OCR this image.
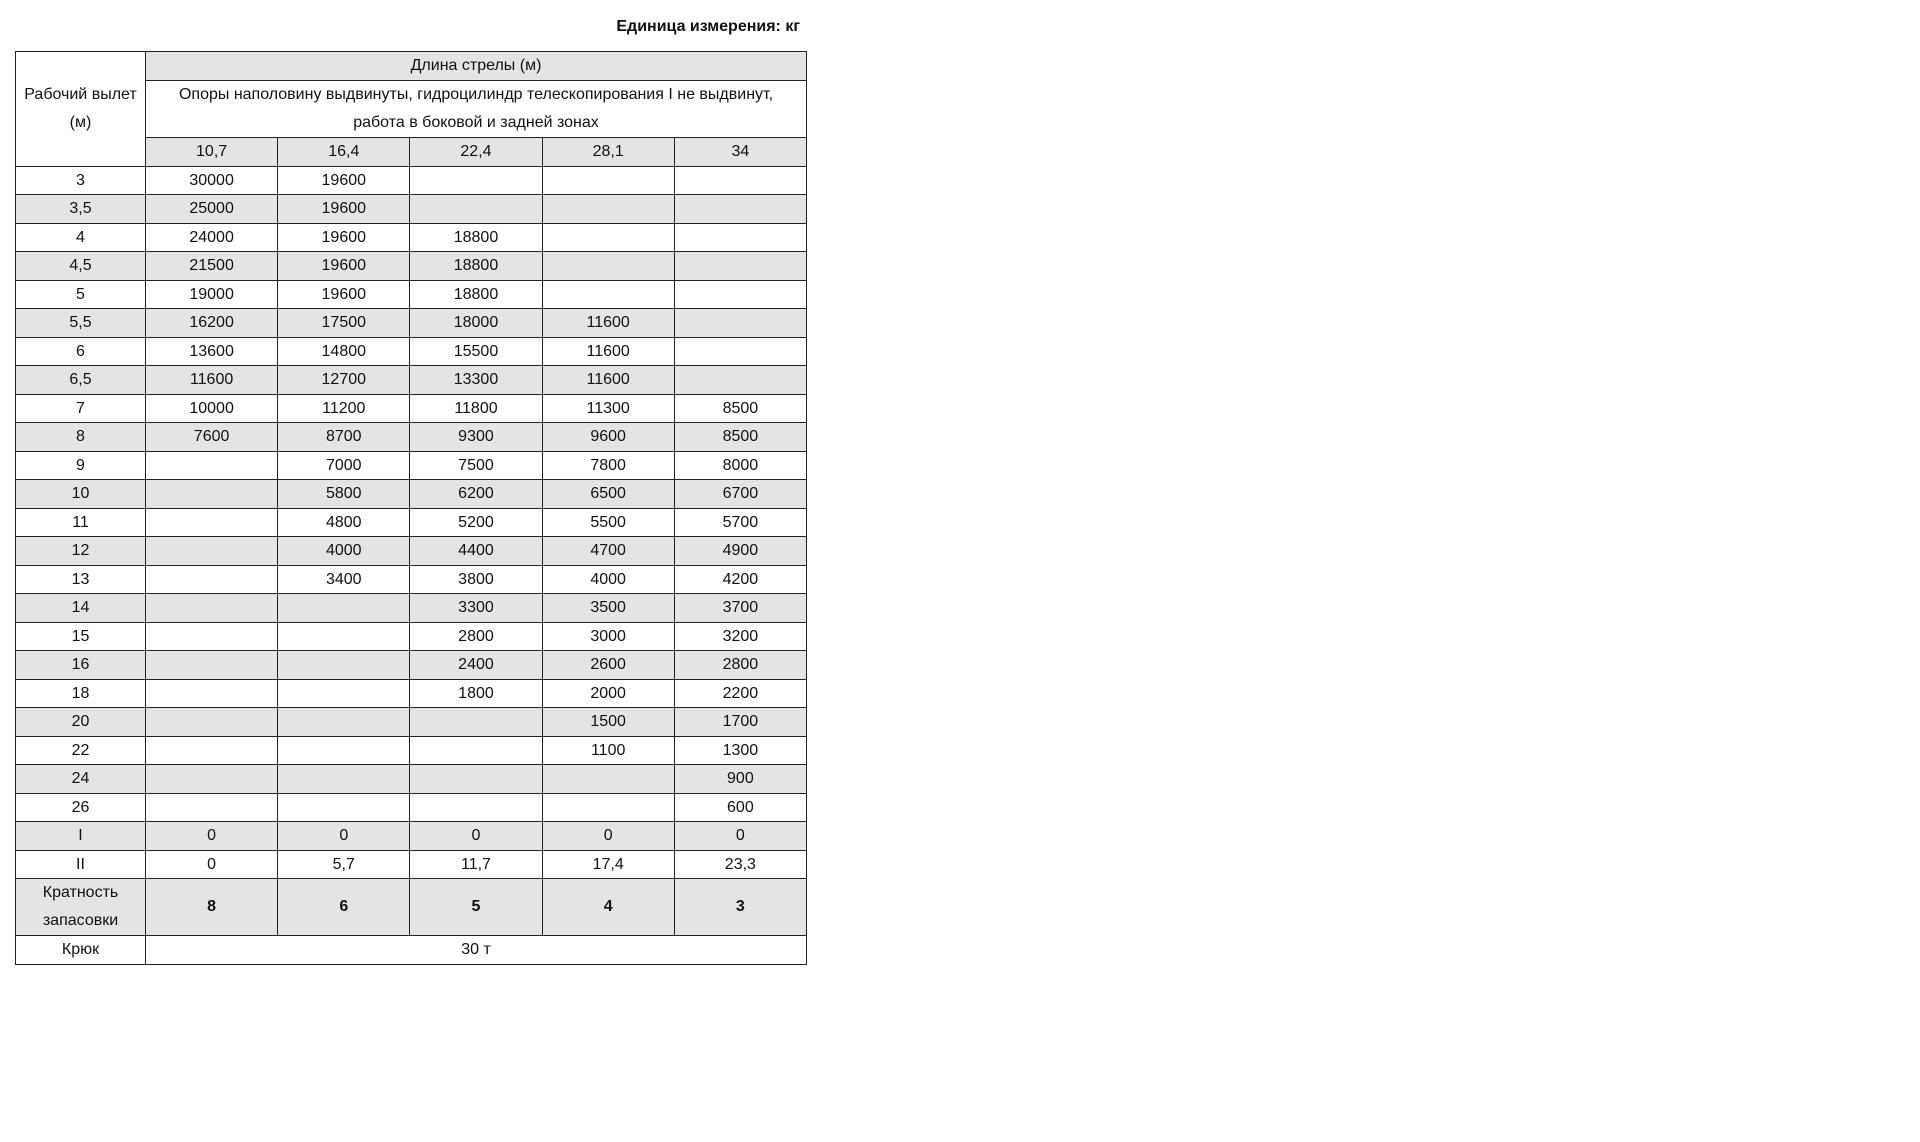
Единица измерения: кг
Рабочий вылет (м)	Длина стрелы (м)				
	Опоры наполовину выдвинуты, гидроцилиндр телескопирования I не выдвинут, работа в боковой и задней зонах				
	10,7	16,4	22,4	28,1	34
3	30000	19600			
3,5	25000	19600			
4	24000	19600	18800		
4,5	21500	19600	18800		
5	19000	19600	18800		
5,5	16200	17500	18000	11600	
6	13600	14800	15500	11600	
6,5	11600	12700	13300	11600	
7	10000	11200	11800	11300	8500
8	7600	8700	9300	9600	8500
9		7000	7500	7800	8000
10		5800	6200	6500	6700
11		4800	5200	5500	5700
12		4000	4400	4700	4900
13		3400	3800	4000	4200
14			3300	3500	3700
15			2800	3000	3200
16			2400	2600	2800
18			1800	2000	2200
20				1500	1700
22				1100	1300
24					900
26					600
I	0	0	0	0	0
II	0	5,7	11,7	17,4	23,3
Кратность запасовки	8	6	5	4	3
Крюк	30 т				
